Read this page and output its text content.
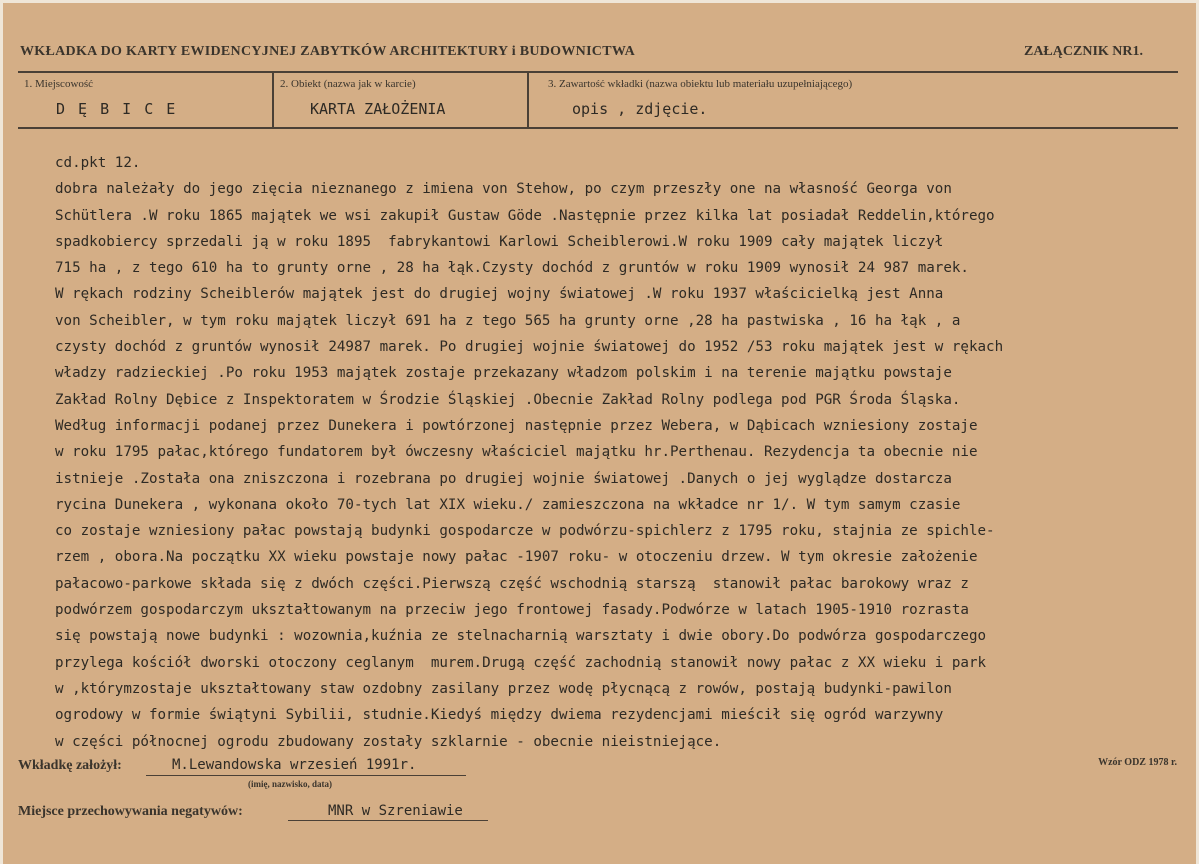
WKŁADKA DO KARTY EWIDENCYJNEJ ZABYTKÓW ARCHITEKTURY i BUDOWNICTWA	ZAŁĄCZNIK NR1.
1. Miejscowość
D Ę B I C E
2. Obiekt (nazwa jak w karcie)
KARTA ZAŁOŻENIA
3. Zawartość wkładki (nazwa obiektu lub materiału uzupełniającego)
opis , zdjęcie.
cd.pkt 12.
dobra należały do jego zięcia nieznanego z imiena von Stehow, po czym przeszły one na własność Georga von
Schütlera .W roku 1865 majątek we wsi zakupił Gustaw Göde .Następnie przez kilka lat posiadał Reddelin,którego
spadkobiercy sprzedali ją w roku 1895  fabrykantowi Karlowi Scheiblerowi.W roku 1909 cały majątek liczył
715 ha , z tego 610 ha to grunty orne , 28 ha łąk.Czysty dochód z gruntów w roku 1909 wynosił 24 987 marek.
W rękach rodziny Scheiblerów majątek jest do drugiej wojny światowej .W roku 1937 właścicielką jest Anna
von Scheibler, w tym roku majątek liczył 691 ha z tego 565 ha grunty orne ,28 ha pastwiska , 16 ha łąk , a
czysty dochód z gruntów wynosił 24987 marek. Po drugiej wojnie światowej do 1952 /53 roku majątek jest w rękach
władzy radzieckiej .Po roku 1953 majątek zostaje przekazany władzom polskim i na terenie majątku powstaje
Zakład Rolny Dębice z Inspektoratem w Środzie Śląskiej .Obecnie Zakład Rolny podlega pod PGR Środa Śląska.
Według informacji podanej przez Dunekera i powtórzonej następnie przez Webera, w Dąbicach wzniesiony zostaje
w roku 1795 pałac,którego fundatorem był ówczesny właściciel majątku hr.Perthenau. Rezydencja ta obecnie nie
istnieje .Została ona zniszczona i rozebrana po drugiej wojnie światowej .Danych o jej wyglądze dostarcza
rycina Dunekera , wykonana około 70-tych lat XIX wieku./ zamieszczona na wkładce nr 1/. W tym samym czasie
co zostaje wzniesiony pałac powstają budynki gospodarcze w podwórzu-spichlerz z 1795 roku, stajnia ze spichle-
rzem , obora.Na początku XX wieku powstaje nowy pałac -1907 roku- w otoczeniu drzew. W tym okresie założenie
pałacowo-parkowe składa się z dwóch części.Pierwszą część wschodnią starszą  stanowił pałac barokowy wraz z
podwórzem gospodarczym ukształtowanym na przeciw jego frontowej fasady.Podwórze w latach 1905-1910 rozrasta
się powstają nowe budynki : wozownia,kuźnia ze stelnacharnią warsztaty i dwie obory.Do podwórza gospodarczego
przylega kościół dworski otoczony ceglanym  murem.Drugą część zachodnią stanowił nowy pałac z XX wieku i park
w ,którymzostaje ukształtowany staw ozdobny zasilany przez wodę płycnącą z rowów, postają budynki-pawilon
ogrodowy w formie świątyni Sybilii, studnie.Kiedyś między dwiema rezydencjami mieścił się ogród warzywny
w części północnej ogrodu zbudowany zostały szklarnie - obecnie nieistniejące.
Wkładkę założył:	M.Lewandowska wrzesień 1991r.
(imię, nazwisko, data)
Wzór ODZ 1978 r.
Miejsce przechowywania negatywów:	MNR w Szreniawie
